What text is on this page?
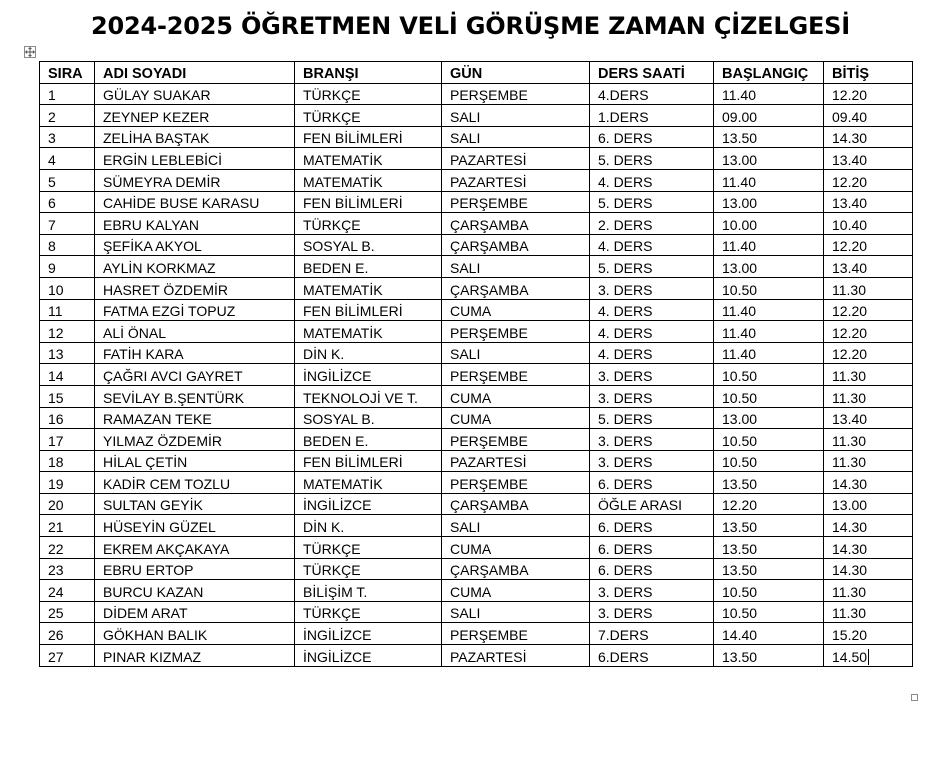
2024-2025 ÖĞRETMEN VELİ GÖRÜŞME ZAMAN ÇİZELGESİ
SIRA	ADI SOYADI	BRANŞI	GÜN	DERS SAATİ	BAŞLANGIÇ	BİTİŞ
1	GÜLAY SUAKAR	TÜRKÇE	PERŞEMBE	4.DERS	11.40	12.20
2	ZEYNEP KEZER	TÜRKÇE	SALI	1.DERS	09.00	09.40
3	ZELİHA BAŞTAK	FEN BİLİMLERİ	SALI	6. DERS	13.50	14.30
4	ERGİN LEBLEBİCİ	MATEMATİK	PAZARTESİ	5. DERS	13.00	13.40
5	SÜMEYRA DEMİR	MATEMATİK	PAZARTESİ	4. DERS	11.40	12.20
6	CAHİDE BUSE KARASU	FEN BİLİMLERİ	PERŞEMBE	5. DERS	13.00	13.40
7	EBRU KALYAN	TÜRKÇE	ÇARŞAMBA	2. DERS	10.00	10.40
8	ŞEFİKA AKYOL	SOSYAL B.	ÇARŞAMBA	4. DERS	11.40	12.20
9	AYLİN KORKMAZ	BEDEN E.	SALI	5. DERS	13.00	13.40
10	HASRET ÖZDEMİR	MATEMATİK	ÇARŞAMBA	3. DERS	10.50	11.30
11	FATMA EZGİ TOPUZ	FEN BİLİMLERİ	CUMA	4. DERS	11.40	12.20
12	ALİ ÖNAL	MATEMATİK	PERŞEMBE	4. DERS	11.40	12.20
13	FATİH KARA	DİN K.	SALI	4. DERS	11.40	12.20
14	ÇAĞRI AVCI GAYRET	İNGİLİZCE	PERŞEMBE	3. DERS	10.50	11.30
15	SEVİLAY B.ŞENTÜRK	TEKNOLOJİ VE T.	CUMA	3. DERS	10.50	11.30
16	RAMAZAN TEKE	SOSYAL B.	CUMA	5. DERS	13.00	13.40
17	YILMAZ ÖZDEMİR	BEDEN E.	PERŞEMBE	3. DERS	10.50	11.30
18	HİLAL ÇETİN	FEN BİLİMLERİ	PAZARTESİ	3. DERS	10.50	11.30
19	KADİR CEM TOZLU	MATEMATİK	PERŞEMBE	6. DERS	13.50	14.30
20	SULTAN GEYİK	İNGİLİZCE	ÇARŞAMBA	ÖĞLE ARASI	12.20	13.00
21	HÜSEYİN GÜZEL	DİN K.	SALI	6. DERS	13.50	14.30
22	EKREM AKÇAKAYA	TÜRKÇE	CUMA	6. DERS	13.50	14.30
23	EBRU ERTOP	TÜRKÇE	ÇARŞAMBA	6. DERS	13.50	14.30
24	BURCU KAZAN	BİLİŞİM T.	CUMA	3. DERS	10.50	11.30
25	DİDEM ARAT	TÜRKÇE	SALI	3. DERS	10.50	11.30
26	GÖKHAN BALIK	İNGİLİZCE	PERŞEMBE	7.DERS	14.40	15.20
27	PINAR KIZMAZ	İNGİLİZCE	PAZARTESİ	6.DERS	13.50	14.50
